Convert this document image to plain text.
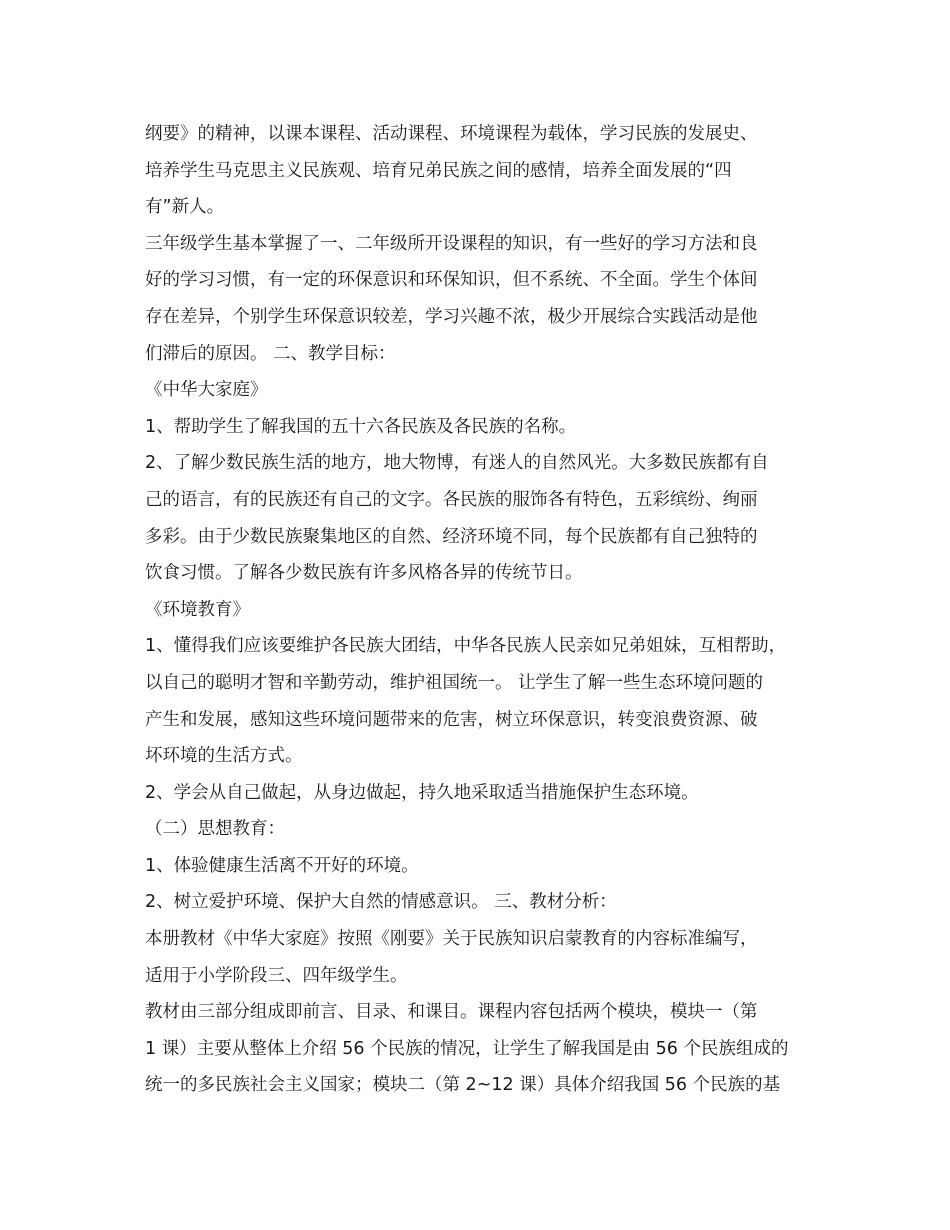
纲要》的精神，以课本课程、活动课程、环境课程为载体，学习民族的发展史、
培养学生马克思主义民族观、培育兄弟民族之间的感情，培养全面发展的“四
有”新人。
三年级学生基本掌握了一、二年级所开设课程的知识，有一些好的学习方法和良
好的学习习惯，有一定的环保意识和环保知识，但不系统、不全面。学生个体间
存在差异，个别学生环保意识较差，学习兴趣不浓，极少开展综合实践活动是他
们滞后的原因。 二、教学目标：
《中华大家庭》
1、帮助学生了解我国的五十六各民族及各民族的名称。
2、了解少数民族生活的地方，地大物博，有迷人的自然风光。大多数民族都有自
己的语言，有的民族还有自己的文字。各民族的服饰各有特色，五彩缤纷、绚丽
多彩。由于少数民族聚集地区的自然、经济环境不同，每个民族都有自己独特的
饮食习惯。了解各少数民族有许多风格各异的传统节日。
《环境教育》
1、懂得我们应该要维护各民族大团结，中华各民族人民亲如兄弟姐妹，互相帮助，
以自己的聪明才智和辛勤劳动，维护祖国统一。 让学生了解一些生态环境问题的
产生和发展，感知这些环境问题带来的危害，树立环保意识，转变浪费资源、破
坏环境的生活方式。
2、学会从自己做起，从身边做起，持久地采取适当措施保护生态环境。
（二）思想教育：
1、体验健康生活离不开好的环境。
2、树立爱护环境、保护大自然的情感意识。 三、教材分析：
本册教材《中华大家庭》按照《刚要》关于民族知识启蒙教育的内容标准编写，
适用于小学阶段三、四年级学生。
教材由三部分组成即前言、目录、和课目。课程内容包括两个模块，模块一（第
1 课）主要从整体上介绍 56 个民族的情况，让学生了解我国是由 56 个民族组成的
统一的多民族社会主义国家；模块二（第 2~12 课）具体介绍我国 56 个民族的基
